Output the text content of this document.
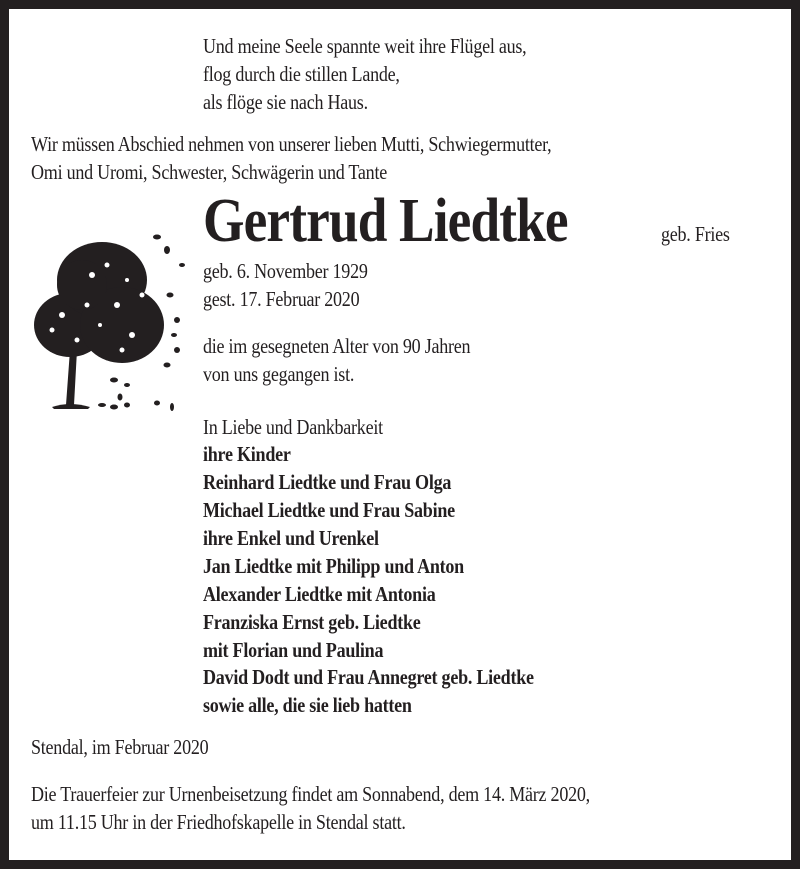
Und meine Seele spannte weit ihre Flügel aus,
flog durch die stillen Lande,
als flöge sie nach Haus.
Wir müssen Abschied nehmen von unserer lieben Mutti, Schwiegermutter,
Omi und Uromi, Schwester, Schwägerin und Tante
Gertrud Liedtke	geb. Fries
geb. 6. November 1929
gest. 17. Februar 2020
die im gesegneten Alter von 90 Jahren
von uns gegangen ist.
In Liebe und Dankbarkeit
ihre Kinder
Reinhard Liedtke und Frau Olga
Michael Liedtke und Frau Sabine
ihre Enkel und Urenkel
Jan Liedtke mit Philipp und Anton
Alexander Liedtke mit Antonia
Franziska Ernst geb. Liedtke
mit Florian und Paulina
David Dodt und Frau Annegret geb. Liedtke
sowie alle, die sie lieb hatten
Stendal, im Februar 2020
Die Trauerfeier zur Urnenbeisetzung findet am Sonnabend, dem 14. März 2020,
um 11.15 Uhr in der Friedhofskapelle in Stendal statt.
